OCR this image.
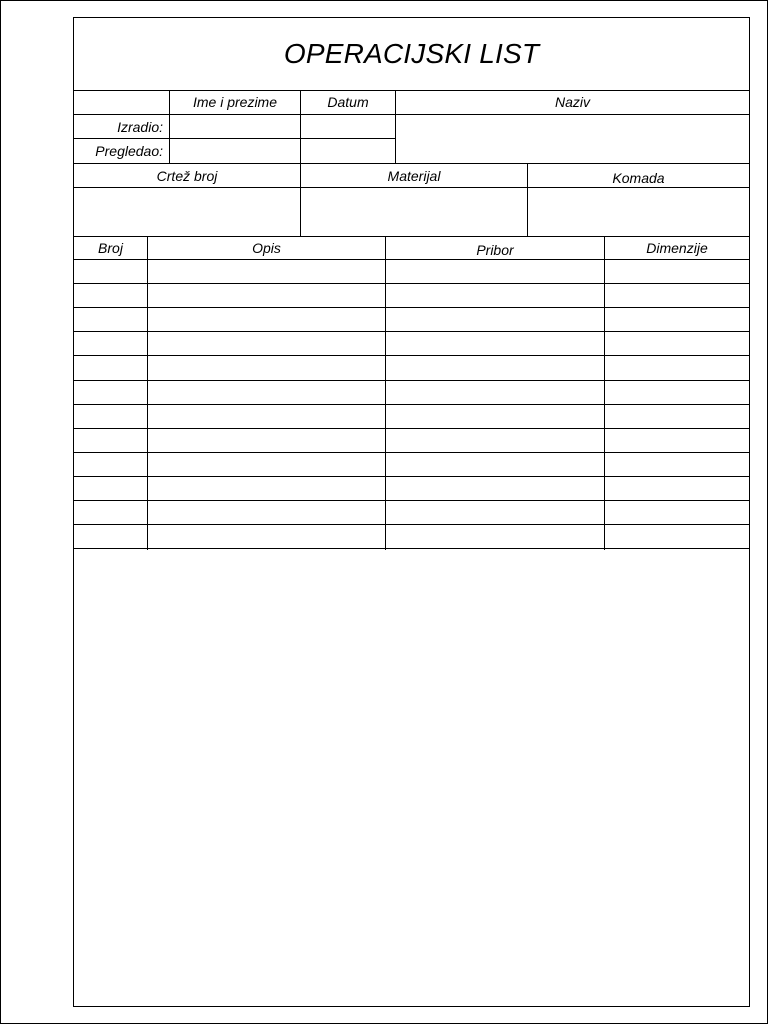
OPERACIJSKI LIST
Ime i prezime	Datum	Naziv
Izradio:
Pregledao:
Crtež broj	Materijal	Komada
Broj	Opis	Pribor	Dimenzije
